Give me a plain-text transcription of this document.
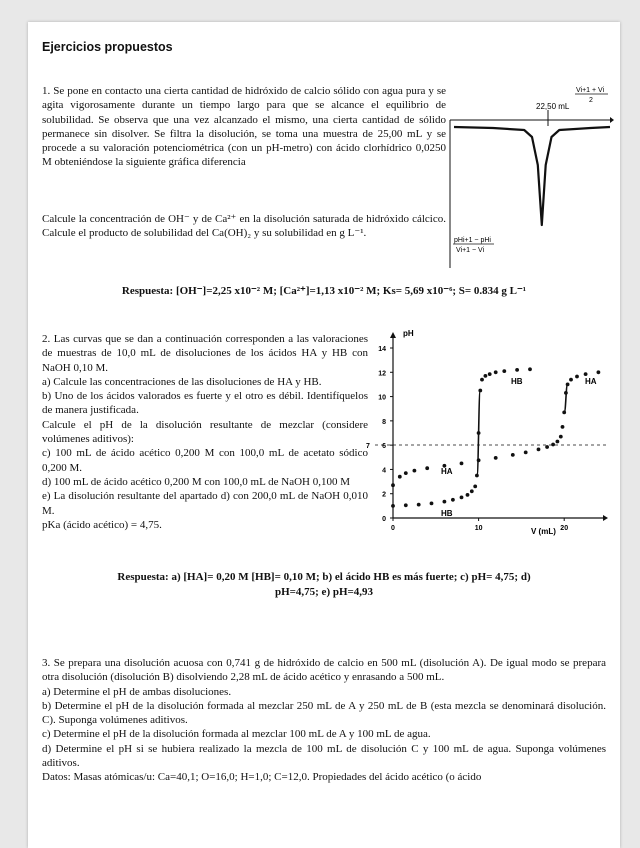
Ejercicios propuestos

1. Se pone en contacto una cierta cantidad de hidróxido de calcio sólido con agua pura y se agita vigorosamente durante un tiempo largo para que se alcance el equilibrio de solubilidad. Se observa que una vez alcanzado el mismo, una cierta cantidad de sólido permanece sin disolver. Se filtra la disolución, se toma una muestra de 25,00 mL y se procede a su valoración potenciométrica (con un pH-metro) con ácido clorhídrico 0,0250 M obteniéndose la siguiente gráfica diferencia

Calcule la concentración de OH⁻ y de Ca²⁺ en la disolución saturada de hidróxido cálcico. Calcule el producto de solubilidad del Ca(OH)₂ y su solubilidad en g L⁻¹.

22,50 mL
Vi+1 + Vi
2
pHi+1 − pHi
Vi+1 − Vi
Respuesta: [OH⁻]=2,25 x10⁻² M; [Ca²⁺]=1,13 x10⁻² M; Ks= 5,69 x10⁻⁶; S= 0.834 g L⁻¹

2. Las curvas que se dan a continuación corresponden a las valoraciones de muestras de 10,0 mL de disoluciones de los ácidos HA y HB con NaOH 0,10 M.

a) Calcule las concentraciones de las disoluciones de HA y HB.

b) Uno de los ácidos valorados es fuerte y el otro es débil. Identifíquelos de manera justificada.

Calcule el pH de la disolución resultante de mezclar (considere volúmenes aditivos):

c) 100 mL de ácido acético 0,200 M con 100,0 mL de acetato sódico 0,200 M.

d) 100 mL de ácido acético 0,200 M con 100,0 mL de NaOH 0,100 M

e) La disolución resultante del apartado d) con 200,0 mL de NaOH 0,010 M.

pKa (ácido acético) = 4,75.

pH
V (mL)
7
0
2
4
6
8
10
12
14
0	10	20
HB	HA
HA
HB
Respuesta: a) [HA]= 0,20 M [HB]= 0,10 M; b) el ácido HB es más fuerte; c) pH= 4,75; d)
pH=4,75; e) pH=4,93

3. Se prepara una disolución acuosa con 0,741 g de hidróxido de calcio en 500 mL (disolución A). De igual modo se prepara otra disolución (disolución B) disolviendo 2,28 mL de ácido acético y enrasando a 500 mL.

a) Determine el pH de ambas disoluciones.

b) Determine el pH de la disolución formada al mezclar 250 mL de A y 250 mL de B (esta mezcla se denominará disolución. C). Suponga volúmenes aditivos.

c) Determine el pH de la disolución formada al mezclar 100 mL de A y 100 mL de agua.

d) Determine el pH si se hubiera realizado la mezcla de 100 mL de disolución C y 100 mL de agua. Suponga volúmenes aditivos.

Datos: Masas atómicas/u: Ca=40,1; O=16,0; H=1,0; C=12,0. Propiedades del ácido acético (o ácido
